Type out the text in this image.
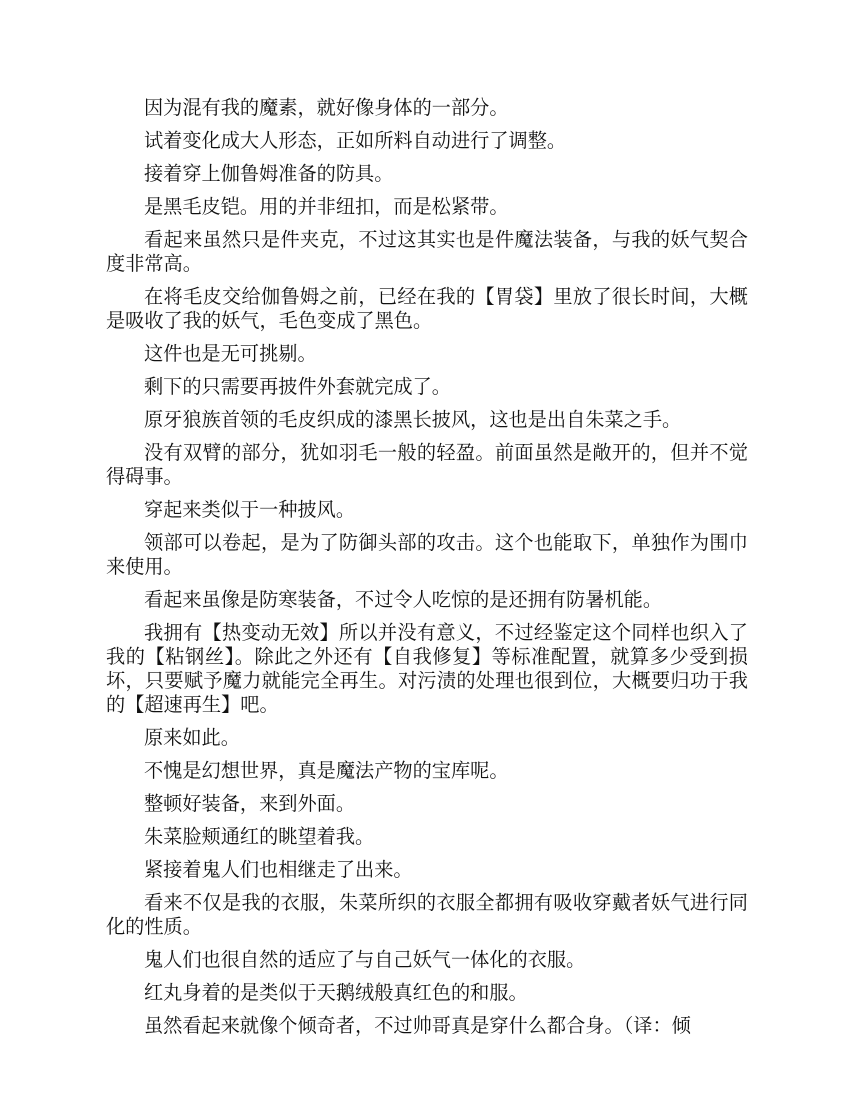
因为混有我的魔素，就好像身体的一部分。

试着变化成大人形态，正如所料自动进行了调整。

接着穿上伽鲁姆准备的防具。

是黑毛皮铠。用的并非纽扣，而是松紧带。

看起来虽然只是件夹克，不过这其实也是件魔法装备，与我的妖气契合度非常高。

在将毛皮交给伽鲁姆之前，已经在我的【胃袋】里放了很长时间，大概是吸收了我的妖气，毛色变成了黑色。

这件也是无可挑剔。

剩下的只需要再披件外套就完成了。

原牙狼族首领的毛皮织成的漆黑长披风，这也是出自朱菜之手。

没有双臂的部分，犹如羽毛一般的轻盈。前面虽然是敞开的，但并不觉得碍事。

穿起来类似于一种披风。

领部可以卷起，是为了防御头部的攻击。这个也能取下，单独作为围巾来使用。

看起来虽像是防寒装备，不过令人吃惊的是还拥有防暑机能。

我拥有【热变动无效】所以并没有意义，不过经鉴定这个同样也织入了我的【粘钢丝】。除此之外还有【自我修复】等标准配置，就算多少受到损坏，只要赋予魔力就能完全再生。对污渍的处理也很到位，大概要归功于我的【超速再生】吧。

原来如此。

不愧是幻想世界，真是魔法产物的宝库呢。

整顿好装备，来到外面。

朱菜脸颊通红的眺望着我。

紧接着鬼人们也相继走了出来。

看来不仅是我的衣服，朱菜所织的衣服全都拥有吸收穿戴者妖气进行同化的性质。

鬼人们也很自然的适应了与自己妖气一体化的衣服。

红丸身着的是类似于天鹅绒般真红色的和服。

虽然看起来就像个倾奇者，不过帅哥真是穿什么都合身。（译：倾
